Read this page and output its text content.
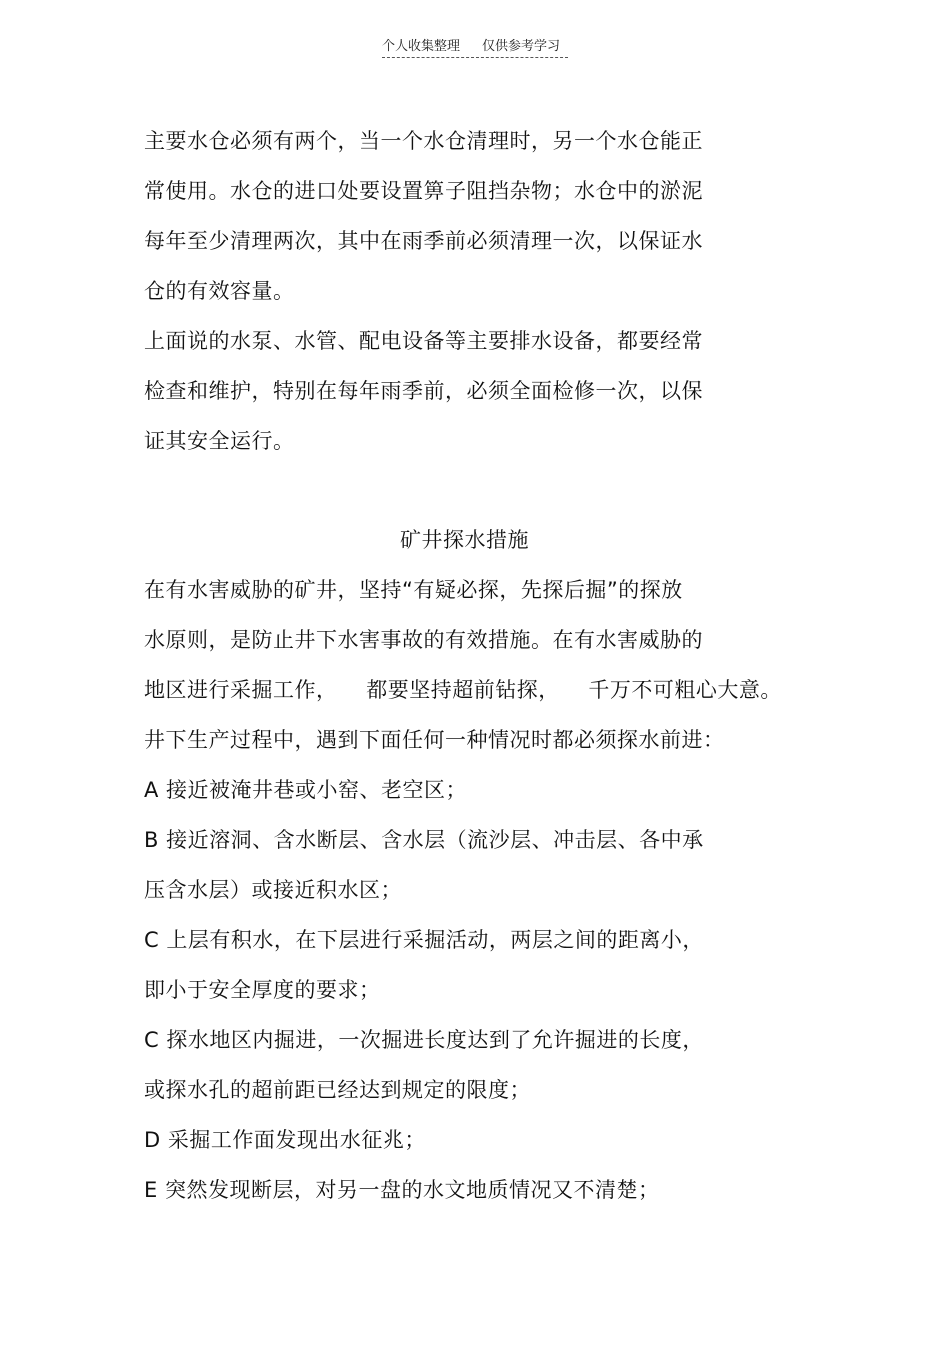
个人收集整理 仅供参考学习
主要水仓必须有两个，当一个水仓清理时，另一个水仓能正
常使用。水仓的进口处要设置箅子阻挡杂物；水仓中的淤泥
每年至少清理两次，其中在雨季前必须清理一次，以保证水
仓的有效容量。
上面说的水泵、水管、配电设备等主要排水设备，都要经常
检查和维护，特别在每年雨季前，必须全面检修一次，以保
证其安全运行。
矿井探水措施
在有水害威胁的矿井，坚持“有疑必探，先探后掘”的探放
水原则，是防止井下水害事故的有效措施。在有水害威胁的
地区进行采掘工作，    都要坚持超前钻探，    千万不可粗心大意。
井下生产过程中，遇到下面任何一种情况时都必须探水前进：
A 接近被淹井巷或小窑、老空区；
B 接近溶洞、含水断层、含水层（流沙层、冲击层、各中承
压含水层）或接近积水区；
C 上层有积水，在下层进行采掘活动，两层之间的距离小，
即小于安全厚度的要求；
C 探水地区内掘进，一次掘进长度达到了允许掘进的长度，
或探水孔的超前距已经达到规定的限度；
D 采掘工作面发现出水征兆；
E 突然发现断层，对另一盘的水文地质情况又不清楚；
